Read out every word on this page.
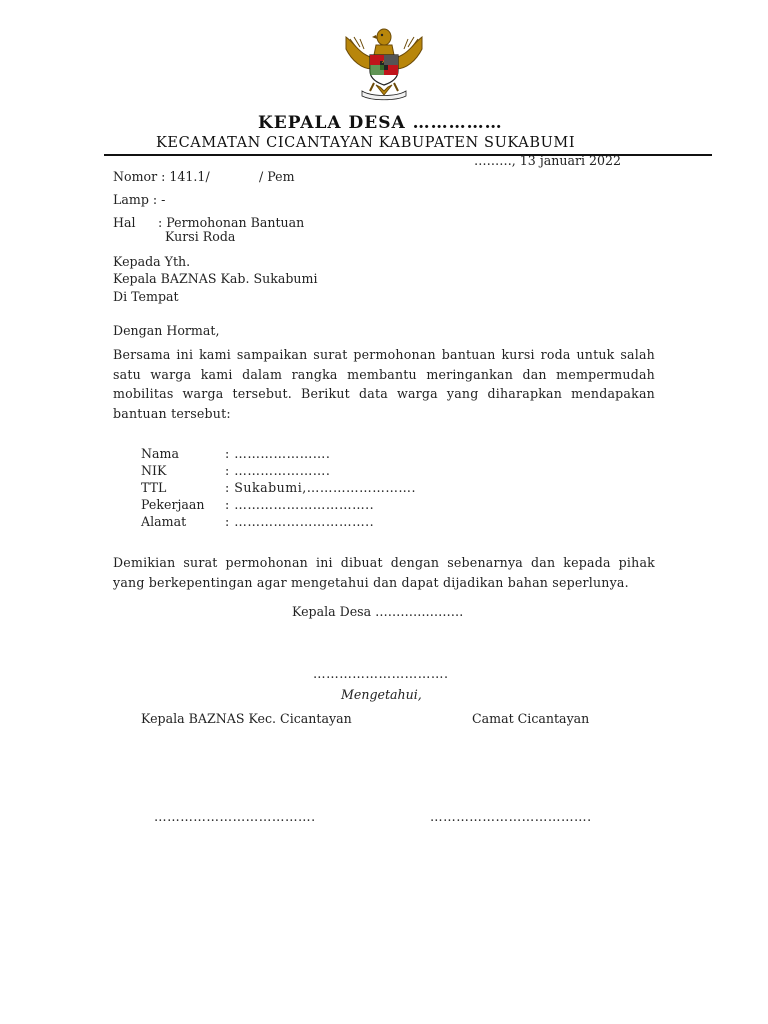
KEPALA DESA ……………
KECAMATAN CICANTAYAN KABUPATEN SUKABUMI
………, 13 januari 2022
Nomor : 141.1/	/ Pem
Lamp : -
Hal : Permohonan Bantuan
Kursi Roda
Kepada Yth.
Kepala BAZNAS Kab. Sukabumi
Di Tempat
Dengan Hormat,
Bersama ini kami sampaikan surat permohonan bantuan kursi roda untuk salah satu warga kami dalam rangka membantu meringankan dan mempermudah mobilitas warga tersebut. Berikut data warga yang diharapkan mendapakan bantuan tersebut:
Nama	: ………………….
NIK	: ………………….
TTL	: Sukabumi,…………………….
Pekerjaan : …………………………..
Alamat	: …………………………..
Demikian surat permohonan ini dibuat dengan sebenarnya dan kepada pihak yang berkepentingan agar mengetahui dan dapat dijadikan bahan seperlunya.
Kepala Desa …………………
………………………….
Mengetahui,
Kepala BAZNAS Kec. Cicantayan	Camat Cicantayan
……………………………….	……………………………….
